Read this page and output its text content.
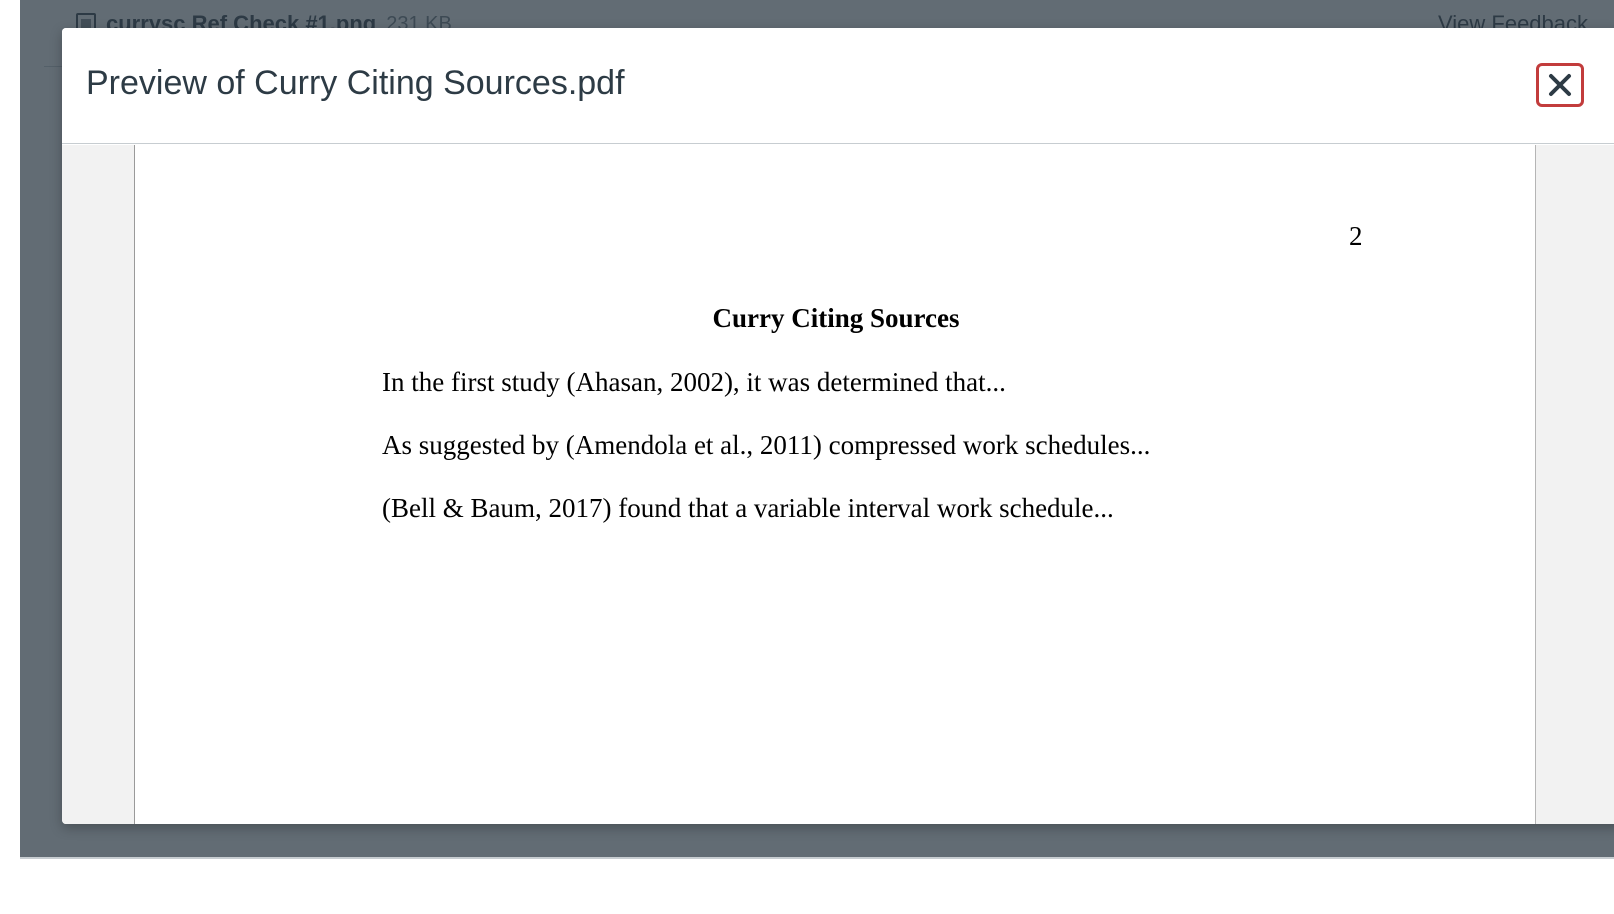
Preview of Curry Citing Sources.pdf
2
Curry Citing Sources
In the first study (Ahasan, 2002), it was determined that...
As suggested by (Amendola et al., 2011) compressed work schedules...
(Bell & Baum, 2017) found that a variable interval work schedule...
